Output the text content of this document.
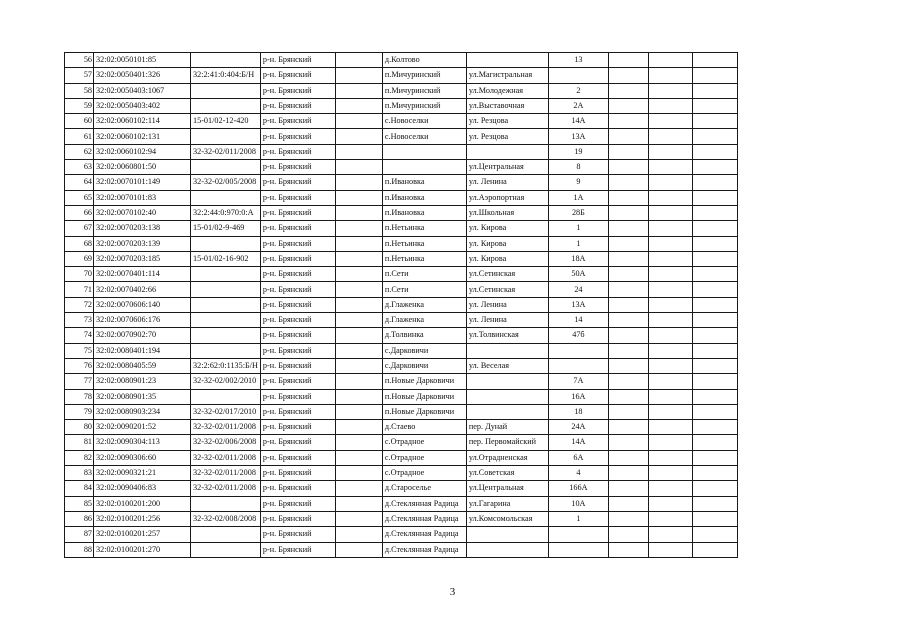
56	32:02:0050101:85		р-н. Брянский		д.Колтово		13			
57	32:02:0050401:326	32:2:41:0:404:Б/Н	р-н. Брянский		п.Мичуринский	ул.Магистральная				
58	32:02:0050403:1067		р-н. Брянский		п.Мичуринский	ул.Молодежная	2			
59	32:02:0050403:402		р-н. Брянский		п.Мичуринский	ул.Выставочная	2А			
60	32:02:0060102:114	15-01/02-12-420	р-н. Брянский		с.Новоселки	ул. Резцова	14А			
61	32:02:0060102:131		р-н. Брянский		с.Новоселки	ул. Резцова	13А			
62	32:02:0060102:94	32-32-02/011/2008	р-н. Брянский				19			
63	32:02:0060801:50		р-н. Брянский			ул.Центральная	8			
64	32:02:0070101:149	32-32-02/005/2008	р-н. Брянский		п.Ивановка	ул. Ленина	9			
65	32:02:0070101:83		р-н. Брянский		п.Ивановка	ул.Аэропортная	1А			
66	32:02:0070102:40	32:2:44:0:970:0:А	р-н. Брянский		п.Ивановка	ул.Школьная	28Б			
67	32:02:0070203:138	15-01/02-9-469	р-н. Брянский		п.Нетьинка	ул. Кирова	1			
68	32:02:0070203:139		р-н. Брянский		п.Нетьинка	ул. Кирова	1			
69	32:02:0070203:185	15-01/02-16-902	р-н. Брянский		п.Нетьинка	ул. Кирова	18А			
70	32:02:0070401:114		р-н. Брянский		п.Сети	ул.Сетинская	50А			
71	32:02:0070402:66		р-н. Брянский		п.Сети	ул.Сетинская	24			
72	32:02:0070606:140		р-н. Брянский		д.Глаженка	ул. Ленина	13А			
73	32:02:0070606:176		р-н. Брянский		д.Глаженка	ул. Ленина	14			
74	32:02:0070902:70		р-н. Брянский		д.Толвинка	ул.Толвинская	47б			
75	32:02:0080401:194		р-н. Брянский		с.Дарковичи					
76	32:02:0080405:59	32:2:62:0:1135:Б/Н	р-н. Брянский		с.Дарковичи	ул. Веселая				
77	32:02:0080901:23	32-32-02/002/2010	р-н. Брянский		п.Новые Дарковичи		7А			
78	32:02:0080901:35		р-н. Брянский		п.Новые Дарковичи		16А			
79	32:02:0080903:234	32-32-02/017/2010	р-н. Брянский		п.Новые Дарковичи		18			
80	32:02:0090201:52	32-32-02/011/2008	р-н. Брянский		д.Стаево	пер. Дунай	24А			
81	32:02:0090304:113	32-32-02/006/2008	р-н. Брянский		с.Отрадное	пер. Первомайский	14А			
82	32:02:0090306:60	32-32-02/011/2008	р-н. Брянский		с.Отрадное	ул.Отрадненская	6А			
83	32:02:0090321:21	32-32-02/011/2008	р-н. Брянский		с.Отрадное	ул.Советская	4			
84	32:02:0090406:83	32-32-02/011/2008	р-н. Брянский		д.Староселье	ул.Центральная	166А			
85	32:02:0100201:200		р-н. Брянский		д.Стеклянная Радица	ул.Гагарина	10А			
86	32:02:0100201:256	32-32-02/008/2008	р-н. Брянский		д.Стеклянная Радица	ул.Комсомольская	1			
87	32:02:0100201:257		р-н. Брянский		д.Стеклянная Радица					
88	32:02:0100201:270		р-н. Брянский		д.Стеклянная Радица					
3
